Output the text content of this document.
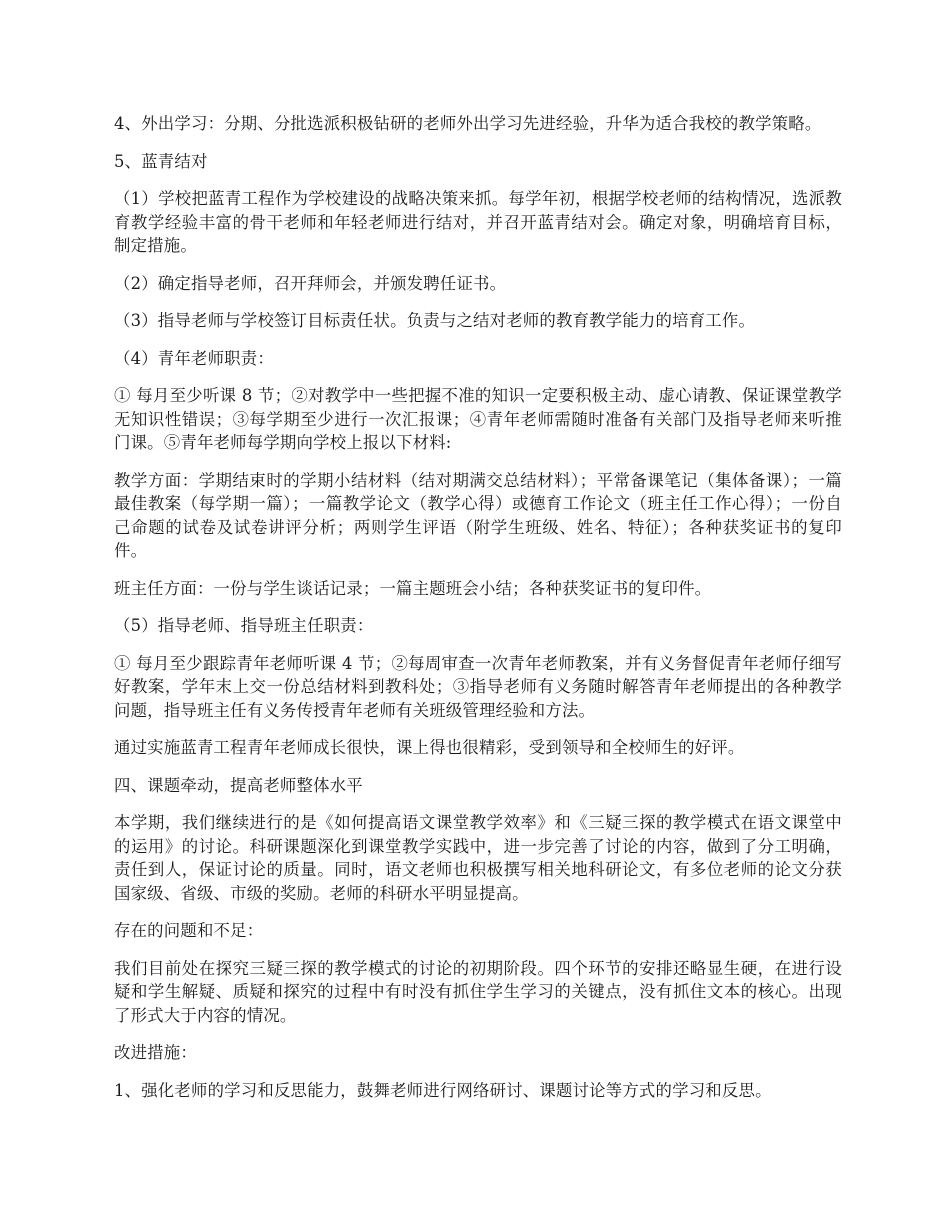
4、外出学习：分期、分批选派积极钻研的老师外出学习先进经验，升华为适合我校的教学策略。

5、蓝青结对

（1）学校把蓝青工程作为学校建设的战略决策来抓。每学年初，根据学校老师的结构情况，选派教育教学经验丰富的骨干老师和年轻老师进行结对，并召开蓝青结对会。确定对象，明确培育目标，制定措施。

（2）确定指导老师，召开拜师会，并颁发聘任证书。

（3）指导老师与学校签订目标责任状。负责与之结对老师的教育教学能力的培育工作。

（4）青年老师职责：

① 每月至少听课 8 节；②对教学中一些把握不准的知识一定要积极主动、虚心请教、保证课堂教学无知识性错误；③每学期至少进行一次汇报课；④青年老师需随时准备有关部门及指导老师来听推门课。⑤青年老师每学期向学校上报以下材料:

教学方面：学期结束时的学期小结材料（结对期满交总结材料）；平常备课笔记（集体备课）；一篇最佳教案（每学期一篇）；一篇教学论文（教学心得）或德育工作论文（班主任工作心得）；一份自己命题的试卷及试卷讲评分析；两则学生评语（附学生班级、姓名、特征）；各种获奖证书的复印件。

班主任方面：一份与学生谈话记录；一篇主题班会小结；各种获奖证书的复印件。

（5）指导老师、指导班主任职责：

① 每月至少跟踪青年老师听课 4 节；②每周审查一次青年老师教案，并有义务督促青年老师仔细写好教案，学年末上交一份总结材料到教科处；③指导老师有义务随时解答青年老师提出的各种教学问题，指导班主任有义务传授青年老师有关班级管理经验和方法。

通过实施蓝青工程青年老师成长很快，课上得也很精彩，受到领导和全校师生的好评。

四、课题牵动，提高老师整体水平

本学期，我们继续进行的是《如何提高语文课堂教学效率》和《三疑三探的教学模式在语文课堂中的运用》的讨论。科研课题深化到课堂教学实践中，进一步完善了讨论的内容，做到了分工明确，责任到人，保证讨论的质量。同时，语文老师也积极撰写相关地科研论文，有多位老师的论文分获国家级、省级、市级的奖励。老师的科研水平明显提高。

存在的问题和不足：

我们目前处在探究三疑三探的教学模式的讨论的初期阶段。四个环节的安排还略显生硬，在进行设疑和学生解疑、质疑和探究的过程中有时没有抓住学生学习的关键点，没有抓住文本的核心。出现了形式大于内容的情况。

改进措施：

1、强化老师的学习和反思能力，鼓舞老师进行网络研讨、课题讨论等方式的学习和反思。
